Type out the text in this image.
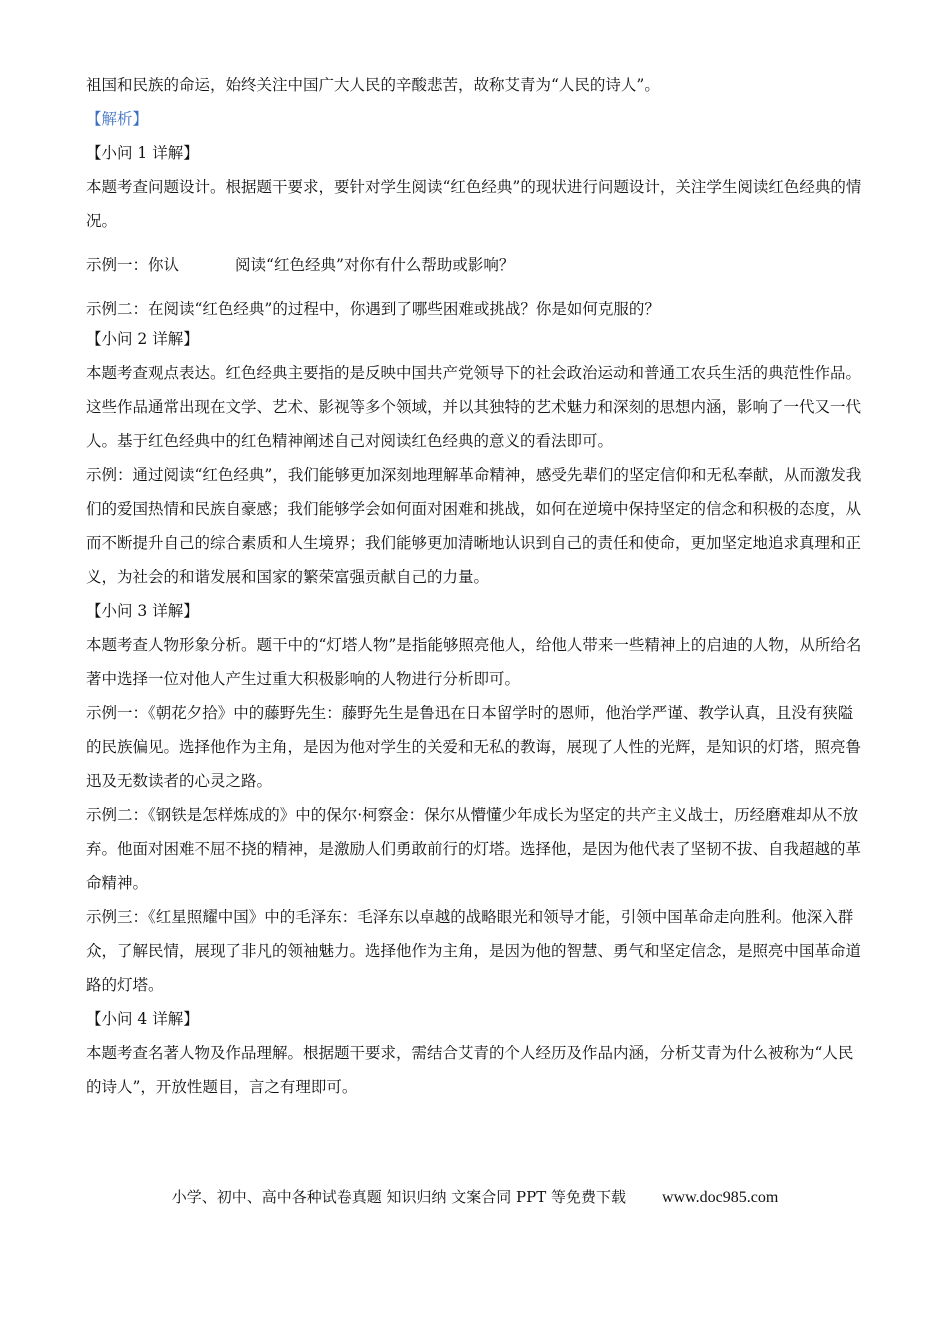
祖国和民族的命运，始终关注中国广大人民的辛酸悲苦，故称艾青为“人民的诗人”。

【解析】

【小问 1 详解】

本题考查问题设计。根据题干要求，要针对学生阅读“红色经典”的现状进行问题设计，关注学生阅读红色经典的情况。

示例一：你认	阅读“红色经典”对你有什么帮助或影响？

示例二：在阅读“红色经典”的过程中，你遇到了哪些困难或挑战？你是如何克服的？

【小问 2 详解】

本题考查观点表达。红色经典主要指的是反映中国共产党领导下的社会政治运动和普通工农兵生活的典范性作品。这些作品通常出现在文学、艺术、影视等多个领域，并以其独特的艺术魅力和深刻的思想内涵，影响了一代又一代人。基于红色经典中的红色精神阐述自己对阅读红色经典的意义的看法即可。

示例：通过阅读“红色经典”，我们能够更加深刻地理解革命精神，感受先辈们的坚定信仰和无私奉献，从而激发我们的爱国热情和民族自豪感；我们能够学会如何面对困难和挑战，如何在逆境中保持坚定的信念和积极的态度，从而不断提升自己的综合素质和人生境界；我们能够更加清晰地认识到自己的责任和使命，更加坚定地追求真理和正义，为社会的和谐发展和国家的繁荣富强贡献自己的力量。

【小问 3 详解】

本题考查人物形象分析。题干中的“灯塔人物”是指能够照亮他人，给他人带来一些精神上的启迪的人物，从所给名著中选择一位对他人产生过重大积极影响的人物进行分析即可。

示例一：《朝花夕拾》中的藤野先生：藤野先生是鲁迅在日本留学时的恩师，他治学严谨、教学认真，且没有狭隘的民族偏见。选择他作为主角，是因为他对学生的关爱和无私的教诲，展现了人性的光辉，是知识的灯塔，照亮鲁迅及无数读者的心灵之路。

示例二：《钢铁是怎样炼成的》中的保尔·柯察金：保尔从懵懂少年成长为坚定的共产主义战士，历经磨难却从不放弃。他面对困难不屈不挠的精神，是激励人们勇敢前行的灯塔。选择他，是因为他代表了坚韧不拔、自我超越的革命精神。

示例三：《红星照耀中国》中的毛泽东：毛泽东以卓越的战略眼光和领导才能，引领中国革命走向胜利。他深入群众，了解民情，展现了非凡的领袖魅力。选择他作为主角，是因为他的智慧、勇气和坚定信念，是照亮中国革命道路的灯塔。

【小问 4 详解】

本题考查名著人物及作品理解。根据题干要求，需结合艾青的个人经历及作品内涵，分析艾青为什么被称为“人民的诗人”，开放性题目，言之有理即可。

小学、初中、高中各种试卷真题 知识归纳 文案合同 PPT 等免费下载 www.doc985.com
